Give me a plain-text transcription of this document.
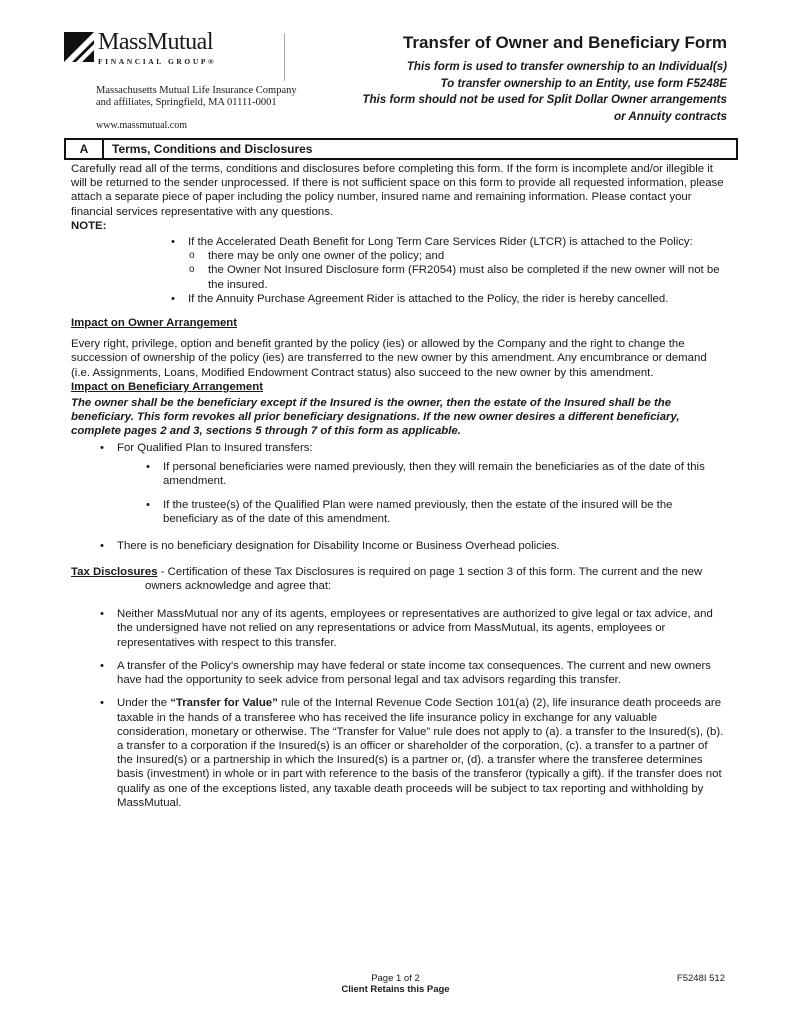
MassMutual
FINANCIAL GROUP®
Massachusetts Mutual Life Insurance Company
and affiliates, Springfield, MA 01111-0001
www.massmutual.com
Transfer of Owner and Beneficiary Form
This form is used to transfer ownership to an Individual(s)
To transfer ownership to an Entity, use form F5248E
This form should not be used for Split Dollar Owner arrangements
or Annuity contracts
A	Terms, Conditions and Disclosures

Carefully read all of the terms, conditions and disclosures before completing this form. If the form is incomplete and/or illegible it will be returned to the sender unprocessed. If there is not sufficient space on this form to provide all requested information, please attach a separate piece of paper including the policy number, insured name and remaining information. Please contact your financial services representative with any questions.

NOTE:

• If the Accelerated Death Benefit for Long Term Care Services Rider (LTCR) is attached to the Policy:
o there may be only one owner of the policy; and
o the Owner Not Insured Disclosure form (FR2054) must also be completed if the new owner will not be the insured.
• If the Annuity Purchase Agreement Rider is attached to the Policy, the rider is hereby cancelled.

Impact on Owner Arrangement

Every right, privilege, option and benefit granted by the policy (ies) or allowed by the Company and the right to change the succession of ownership of the policy (ies) are transferred to the new owner by this amendment. Any encumbrance or demand (i.e. Assignments, Loans, Modified Endowment Contract status) also succeed to the new owner by this amendment.

Impact on Beneficiary Arrangement

The owner shall be the beneficiary except if the Insured is the owner, then the estate of the Insured shall be the beneficiary. This form revokes all prior beneficiary designations. If the new owner desires a different beneficiary, complete pages 2 and 3, sections 5 through 7 of this form as applicable.

• For Qualified Plan to Insured transfers:
• If personal beneficiaries were named previously, then they will remain the beneficiaries as of the date of this amendment.
• If the trustee(s) of the Qualified Plan were named previously, then the estate of the insured will be the beneficiary as of the date of this amendment.
• There is no beneficiary designation for Disability Income or Business Overhead policies.

Tax Disclosures - Certification of these Tax Disclosures is required on page 1 section 3 of this form. The current and the new owners acknowledge and agree that:

• Neither MassMutual nor any of its agents, employees or representatives are authorized to give legal or tax advice, and the undersigned have not relied on any representations or advice from MassMutual, its agents, employees or representatives with respect to this transfer.
• A transfer of the Policy's ownership may have federal or state income tax consequences. The current and new owners have had the opportunity to seek advice from personal legal and tax advisors regarding this transfer.
• Under the “Transfer for Value” rule of the Internal Revenue Code Section 101(a) (2), life insurance death proceeds are taxable in the hands of a transferee who has received the life insurance policy in exchange for any valuable consideration, monetary or otherwise. The “Transfer for Value” rule does not apply to (a). a transfer to the Insured(s), (b). a transfer to a corporation if the Insured(s) is an officer or shareholder of the corporation, (c). a transfer to a partner of the Insured(s) or a partnership in which the Insured(s) is a partner or, (d). a transfer where the transferee determines basis (investment) in whole or in part with reference to the basis of the transferor (typically a gift). If the transfer does not qualify as one of the exceptions listed, any taxable death proceeds will be subject to tax reporting and withholding by MassMutual.
Page 1 of 2
Client Retains this Page
F5248I 512
